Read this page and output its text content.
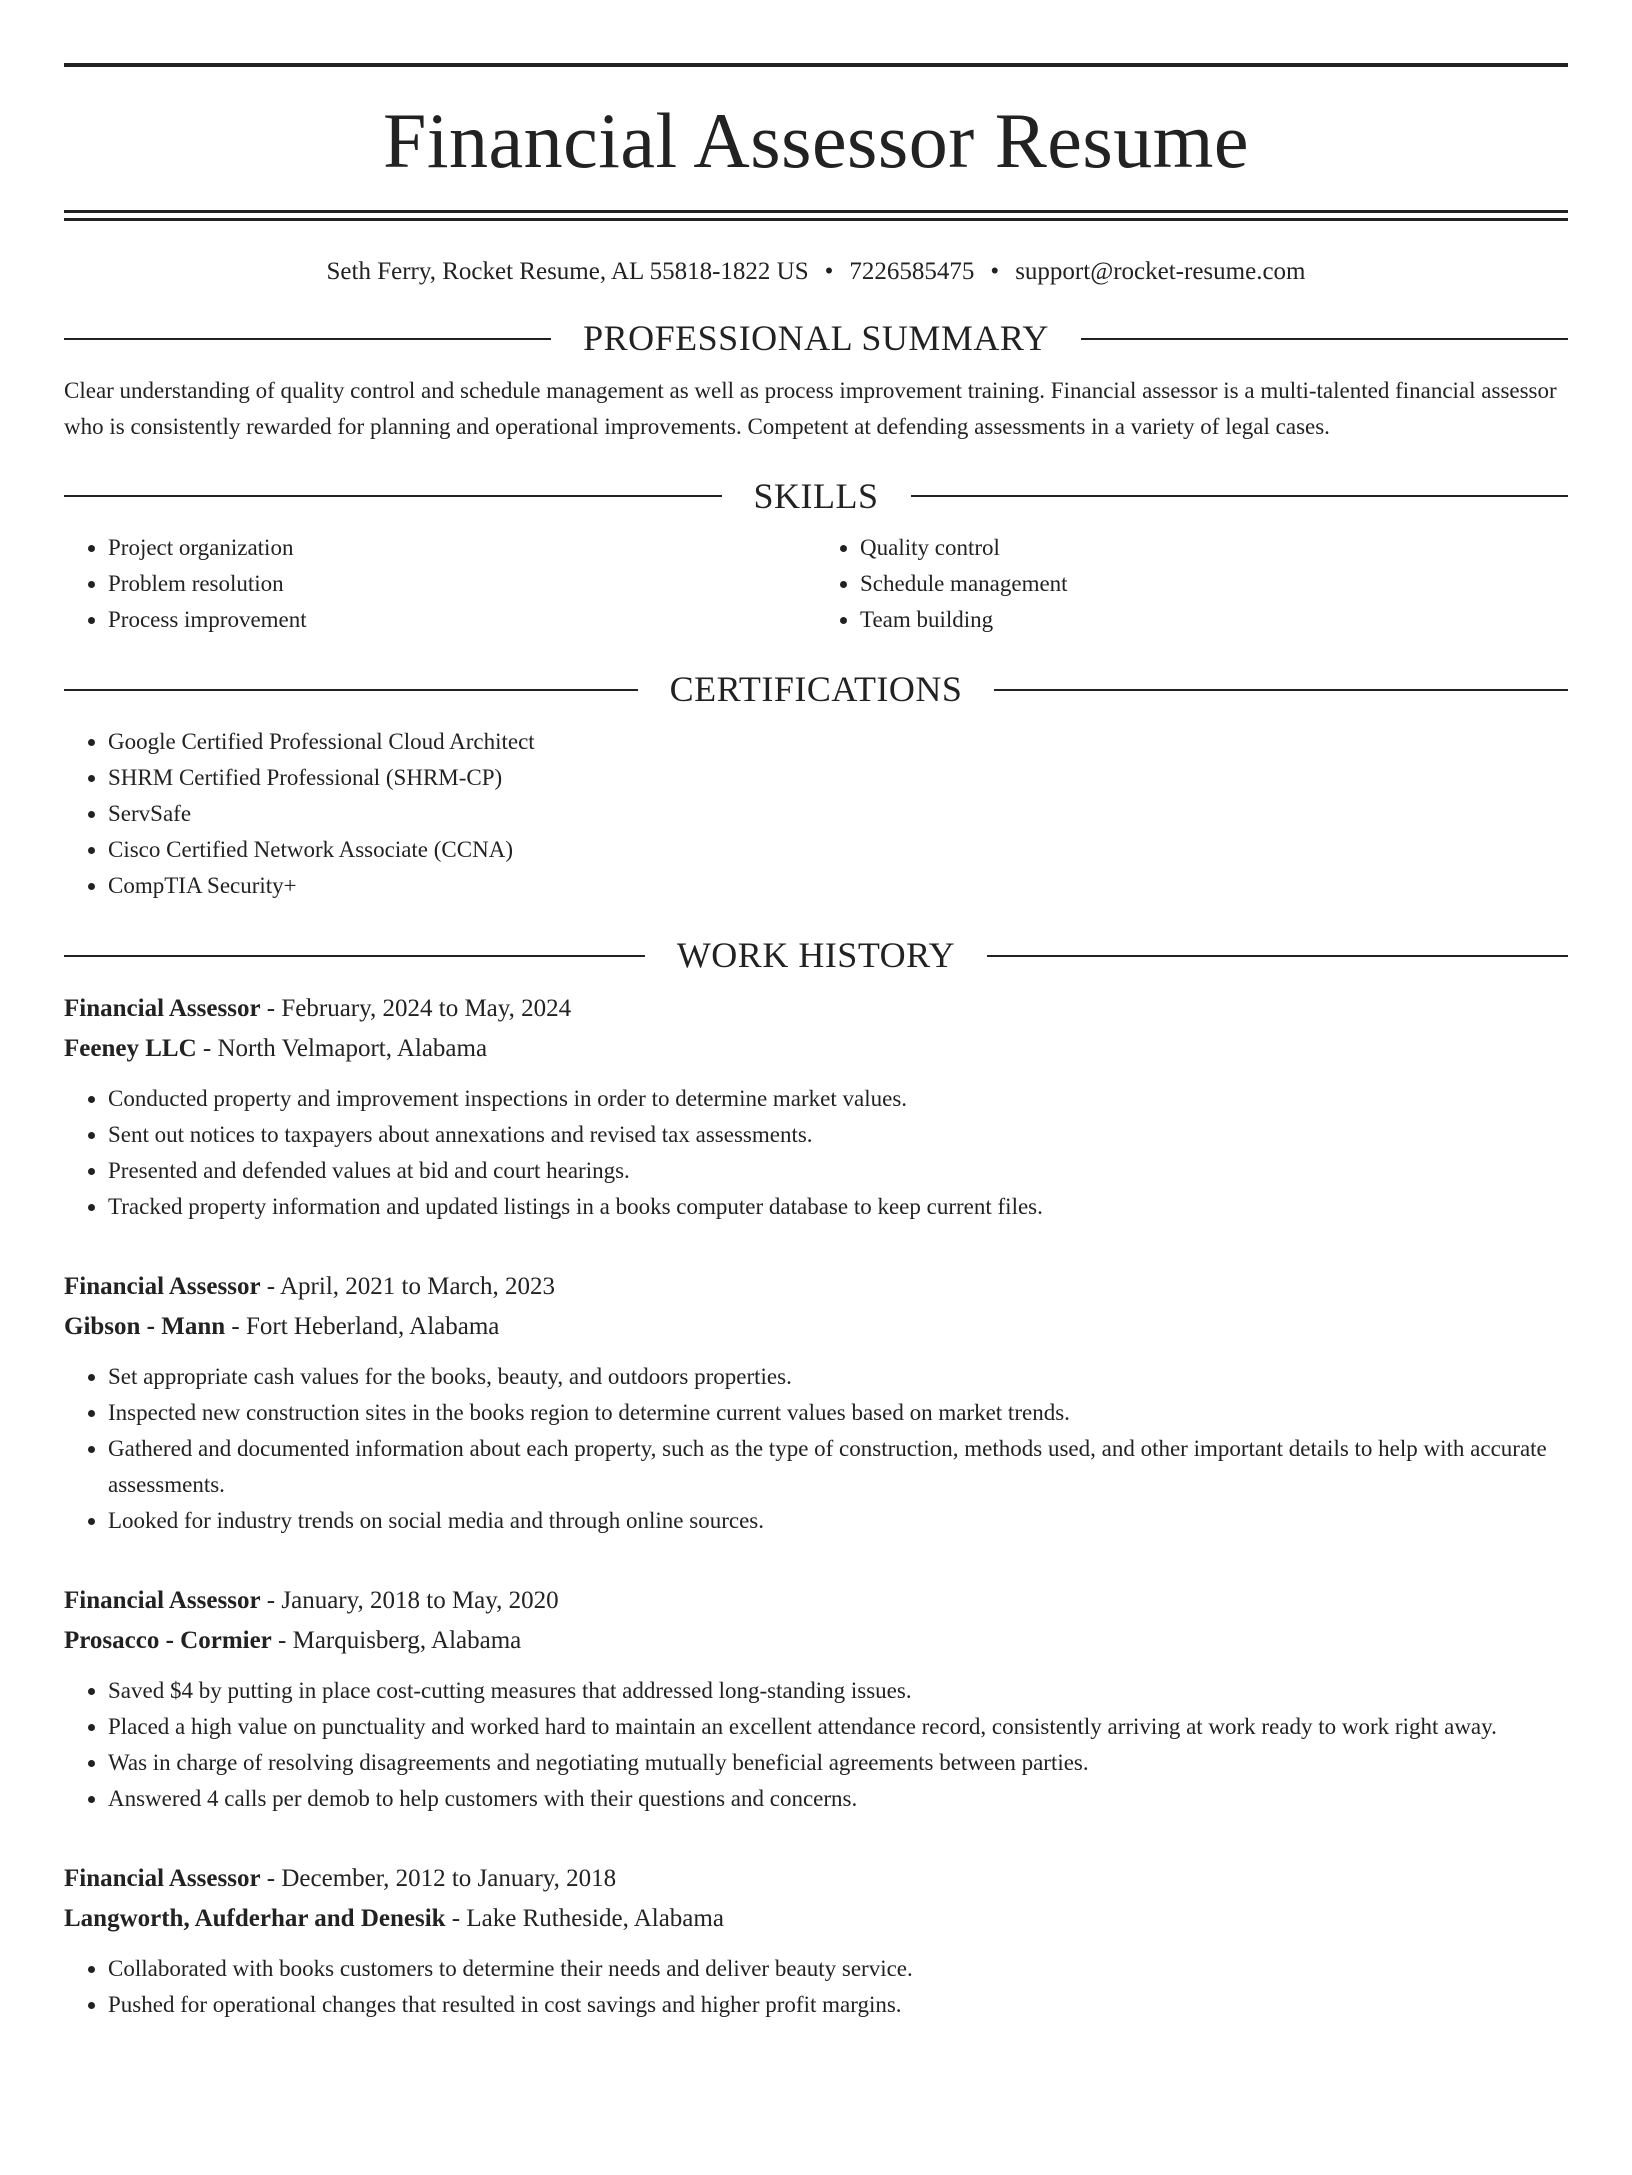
Financial Assessor Resume
Seth Ferry, Rocket Resume, AL 55818-1822 US • 7226585475 • support@rocket-resume.com
PROFESSIONAL SUMMARY

Clear understanding of quality control and schedule management as well as process improvement training. Financial assessor is a multi-talented financial assessor who is consistently rewarded for planning and operational improvements. Competent at defending assessments in a variety of legal cases.

SKILLS
• Project organization
• Problem resolution
• Process improvement
• Quality control
• Schedule management
• Team building
CERTIFICATIONS
• Google Certified Professional Cloud Architect
• SHRM Certified Professional (SHRM-CP)
• ServSafe
• Cisco Certified Network Associate (CCNA)
• CompTIA Security+
WORK HISTORY
Financial Assessor - February, 2024 to May, 2024
Feeney LLC - North Velmaport, Alabama
• Conducted property and improvement inspections in order to determine market values.
• Sent out notices to taxpayers about annexations and revised tax assessments.
• Presented and defended values at bid and court hearings.
• Tracked property information and updated listings in a books computer database to keep current files.
Financial Assessor - April, 2021 to March, 2023
Gibson - Mann - Fort Heberland, Alabama
• Set appropriate cash values for the books, beauty, and outdoors properties.
• Inspected new construction sites in the books region to determine current values based on market trends.
• Gathered and documented information about each property, such as the type of construction, methods used, and other important details to help with accurate assessments.
• Looked for industry trends on social media and through online sources.
Financial Assessor - January, 2018 to May, 2020
Prosacco - Cormier - Marquisberg, Alabama
• Saved $4 by putting in place cost-cutting measures that addressed long-standing issues.
• Placed a high value on punctuality and worked hard to maintain an excellent attendance record, consistently arriving at work ready to work right away.
• Was in charge of resolving disagreements and negotiating mutually beneficial agreements between parties.
• Answered 4 calls per demob to help customers with their questions and concerns.
Financial Assessor - December, 2012 to January, 2018
Langworth, Aufderhar and Denesik - Lake Rutheside, Alabama
• Collaborated with books customers to determine their needs and deliver beauty service.
• Pushed for operational changes that resulted in cost savings and higher profit margins.
